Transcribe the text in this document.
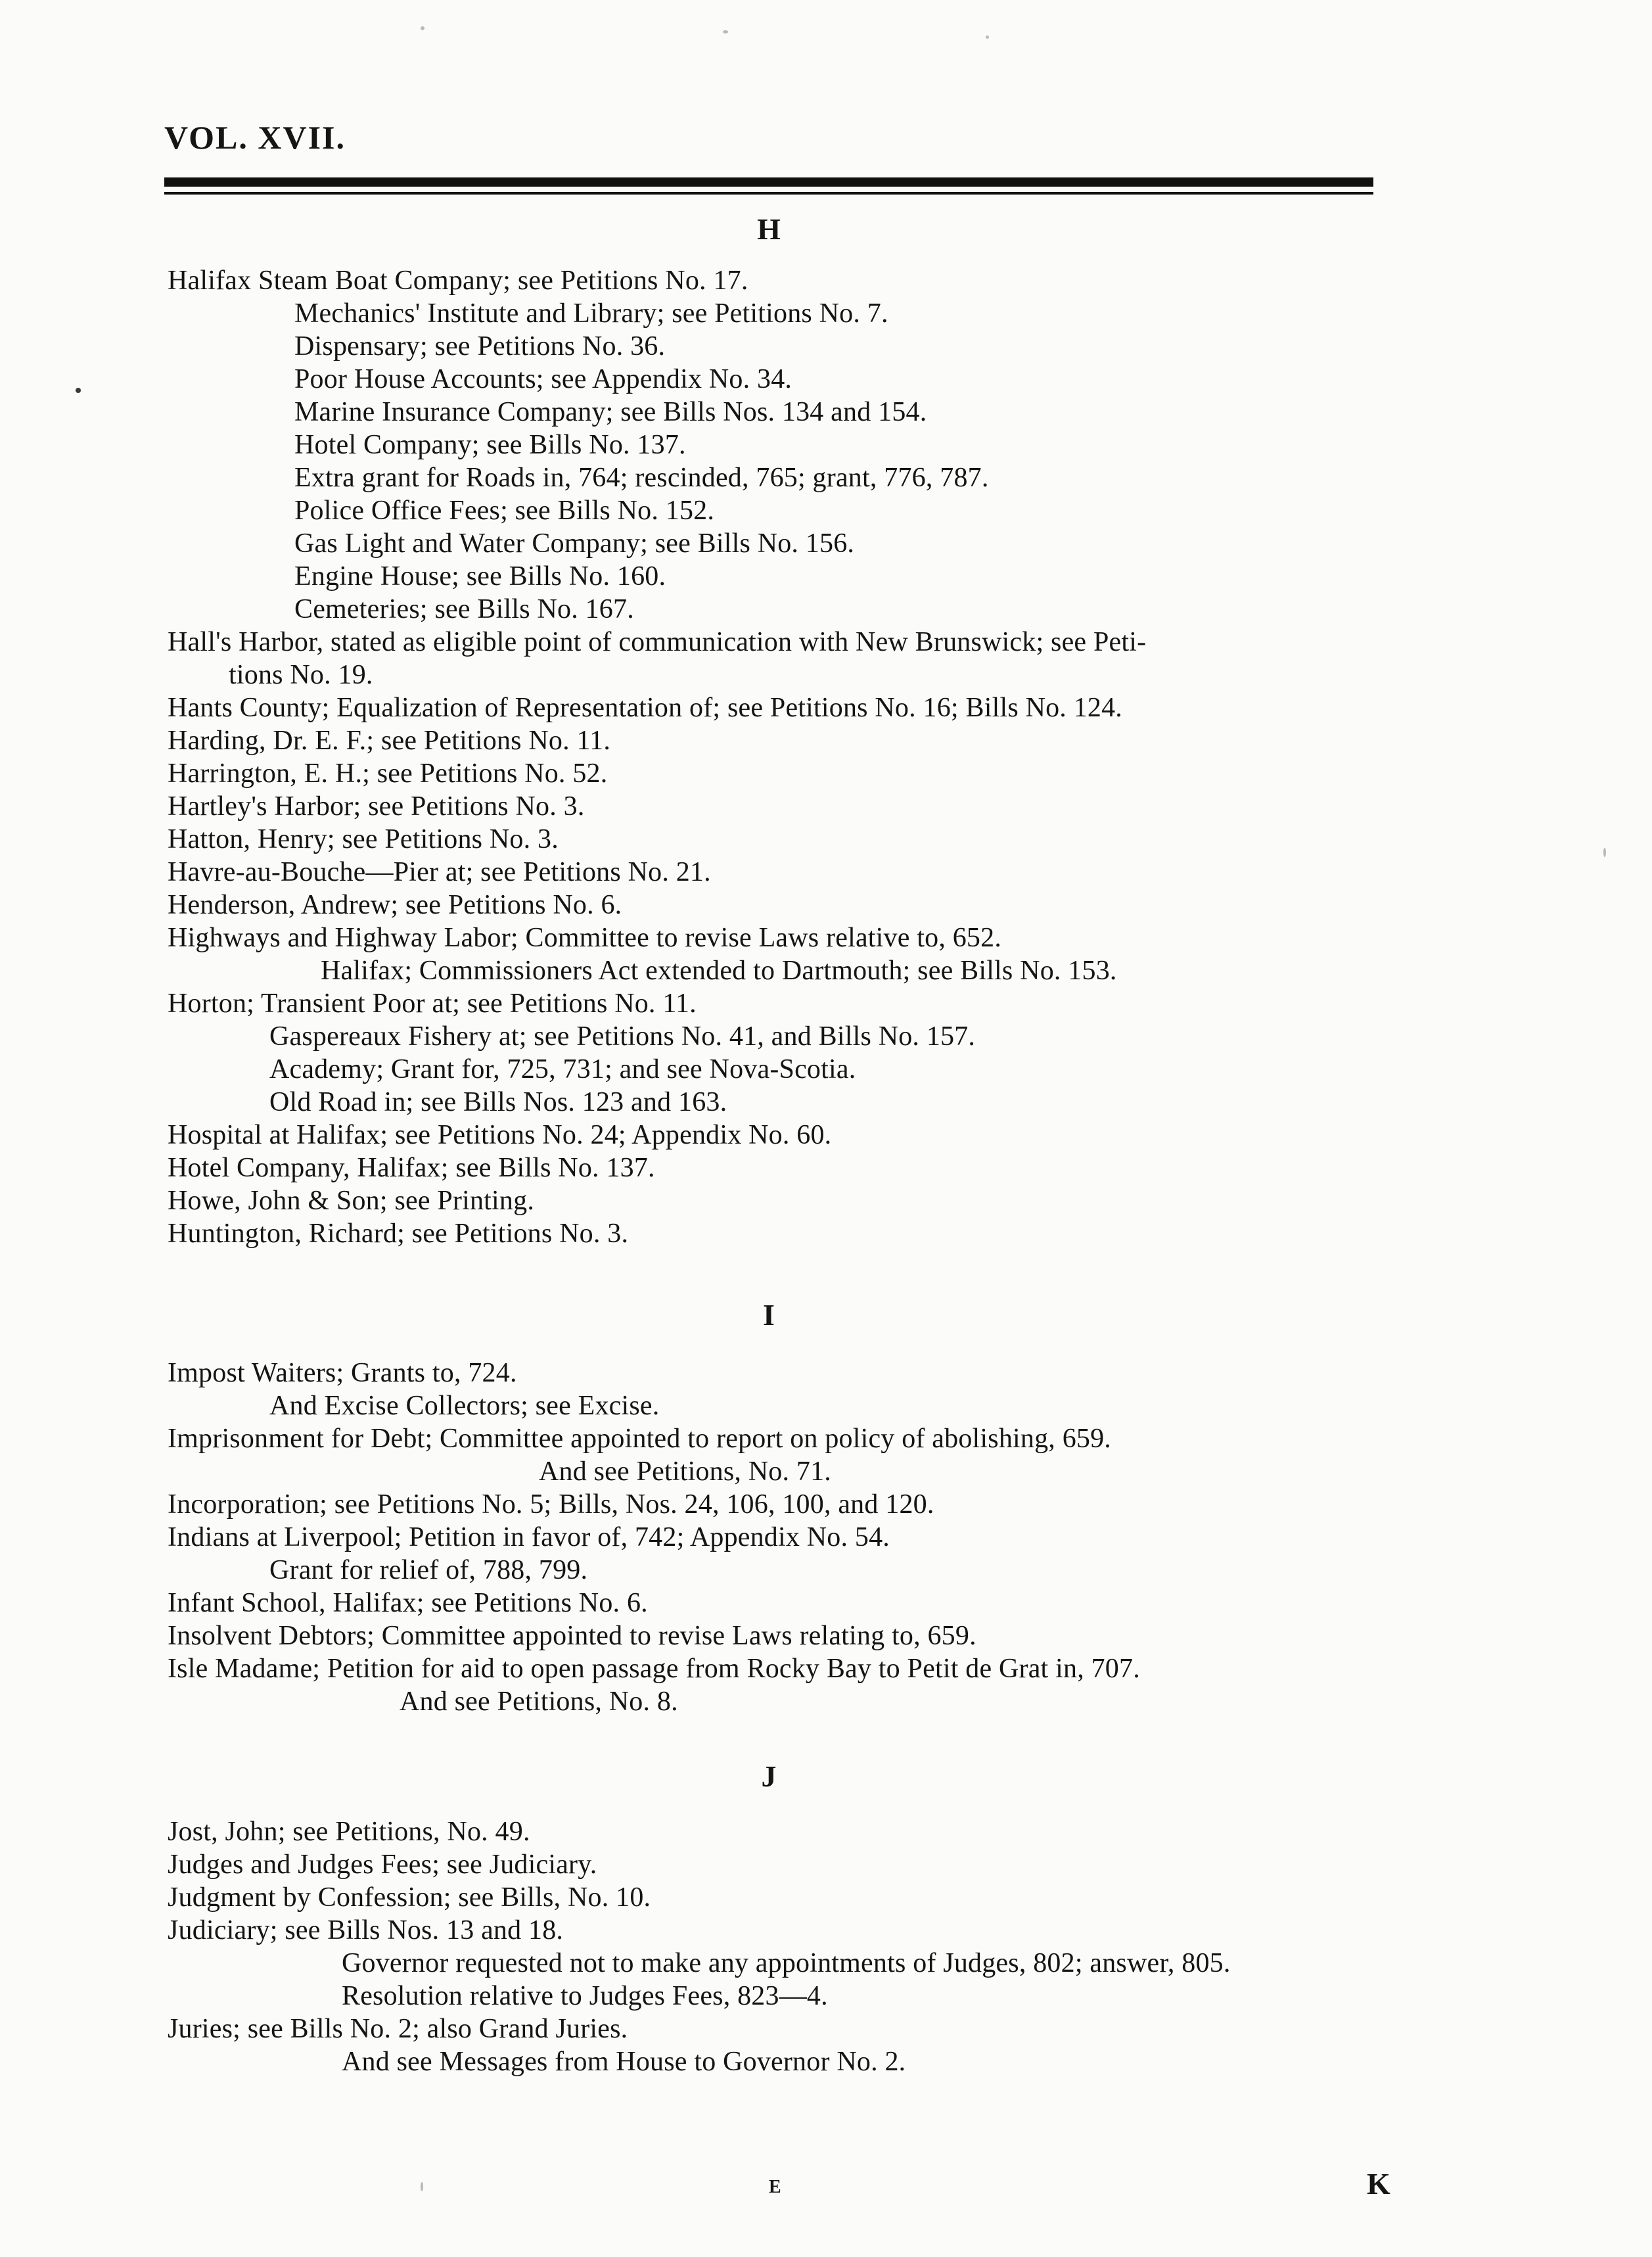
VOL. XVII.
H
Halifax Steam Boat Company; see Petitions No. 17.
Mechanics' Institute and Library; see Petitions No. 7.
Dispensary; see Petitions No. 36.
Poor House Accounts; see Appendix No. 34.
Marine Insurance Company; see Bills Nos. 134 and 154.
Hotel Company; see Bills No. 137.
Extra grant for Roads in, 764; rescinded, 765; grant, 776, 787.
Police Office Fees; see Bills No. 152.
Gas Light and Water Company; see Bills No. 156.
Engine House; see Bills No. 160.
Cemeteries; see Bills No. 167.
Hall's Harbor, stated as eligible point of communication with New Brunswick; see Peti-
tions No. 19.
Hants County; Equalization of Representation of; see Petitions No. 16; Bills No. 124.
Harding, Dr. E. F.; see Petitions No. 11.
Harrington, E. H.; see Petitions No. 52.
Hartley's Harbor; see Petitions No. 3.
Hatton, Henry; see Petitions No. 3.
Havre-au-Bouche—Pier at; see Petitions No. 21.
Henderson, Andrew; see Petitions No. 6.
Highways and Highway Labor; Committee to revise Laws relative to, 652.
Halifax; Commissioners Act extended to Dartmouth; see Bills No. 153.
Horton; Transient Poor at; see Petitions No. 11.
Gaspereaux Fishery at; see Petitions No. 41, and Bills No. 157.
Academy; Grant for, 725, 731; and see Nova-Scotia.
Old Road in; see Bills Nos. 123 and 163.
Hospital at Halifax; see Petitions No. 24; Appendix No. 60.
Hotel Company, Halifax; see Bills No. 137.
Howe, John & Son; see Printing.
Huntington, Richard; see Petitions No. 3.
I
Impost Waiters; Grants to, 724.
And Excise Collectors; see Excise.
Imprisonment for Debt; Committee appointed to report on policy of abolishing, 659.
And see Petitions, No. 71.
Incorporation; see Petitions No. 5; Bills, Nos. 24, 106, 100, and 120.
Indians at Liverpool; Petition in favor of, 742; Appendix No. 54.
Grant for relief of, 788, 799.
Infant School, Halifax; see Petitions No. 6.
Insolvent Debtors; Committee appointed to revise Laws relating to, 659.
Isle Madame; Petition for aid to open passage from Rocky Bay to Petit de Grat in, 707.
And see Petitions, No. 8.
J
Jost, John; see Petitions, No. 49.
Judges and Judges Fees; see Judiciary.
Judgment by Confession; see Bills, No. 10.
Judiciary; see Bills Nos. 13 and 18.
Governor requested not to make any appointments of Judges, 802; answer, 805.
Resolution relative to Judges Fees, 823—4.
Juries; see Bills No. 2; also Grand Juries.
And see Messages from House to Governor No. 2.
E	K
